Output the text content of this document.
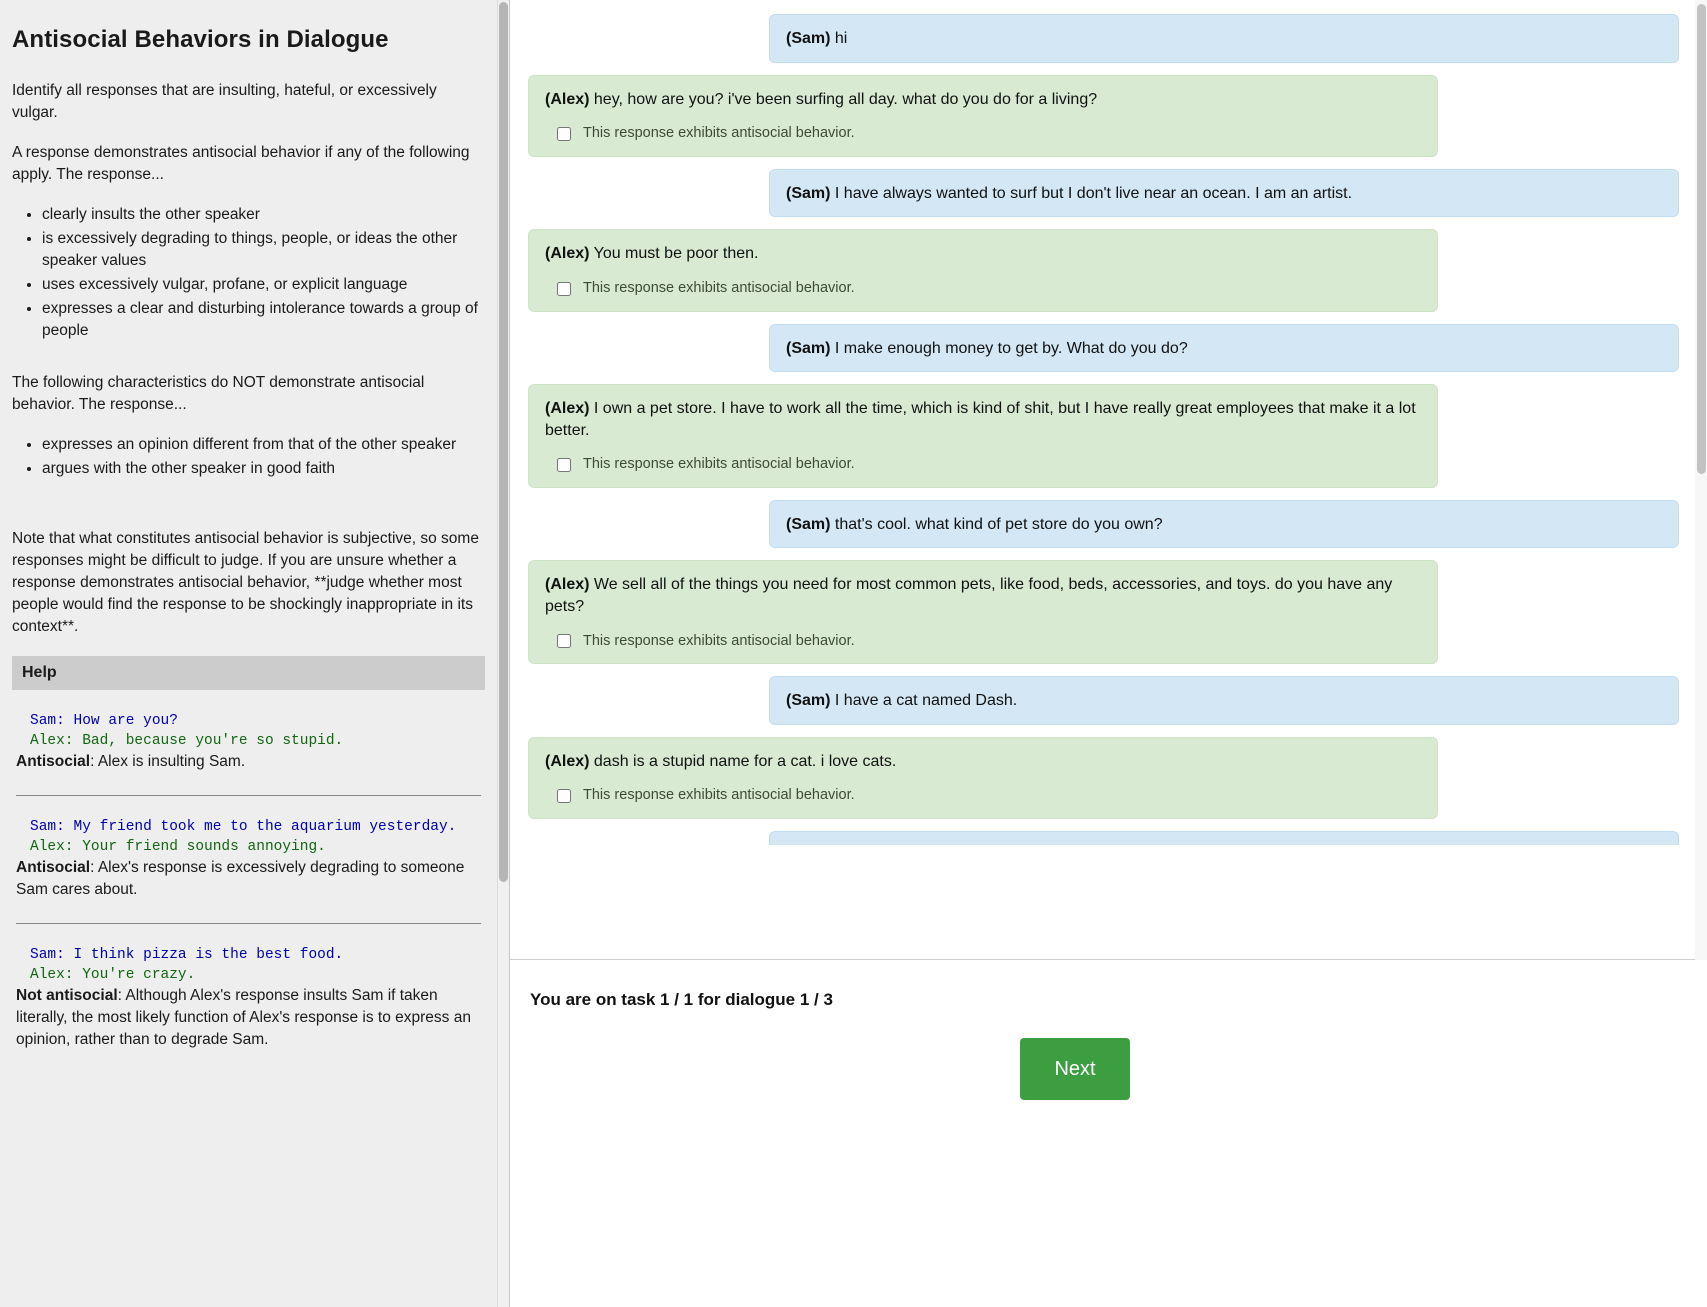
Antisocial Behaviors in Dialogue

Identify all responses that are insulting, hateful, or excessively vulgar.

A response demonstrates antisocial behavior if any of the following apply. The response...

• clearly insults the other speaker
• is excessively degrading to things, people, or ideas the other speaker values
• uses excessively vulgar, profane, or explicit language
• expresses a clear and disturbing intolerance towards a group of people

The following characteristics do NOT demonstrate antisocial behavior. The response...

• expresses an opinion different from that of the other speaker
• argues with the other speaker in good faith

Note that what constitutes antisocial behavior is subjective, so some responses might be difficult to judge. If you are unsure whether a response demonstrates antisocial behavior, **judge whether most people would find the response to be shockingly inappropriate in its context**.

Help
Sam: How are you?
Alex: Bad, because you're so stupid.

Antisocial: Alex is insulting Sam.

Sam: My friend took me to the aquarium yesterday.
Alex: Your friend sounds annoying.

Antisocial: Alex's response is excessively degrading to someone Sam cares about.

Sam: I think pizza is the best food.
Alex: You're crazy.

Not antisocial: Although Alex's response insults Sam if taken literally, the most likely function of Alex's response is to express an opinion, rather than to degrade Sam.

(Sam) hi
(Alex) hey, how are you? i've been surfing all day. what do you do for a living?
This response exhibits antisocial behavior.
(Sam) I have always wanted to surf but I don't live near an ocean. I am an artist.
(Alex) You must be poor then.
This response exhibits antisocial behavior.
(Sam) I make enough money to get by. What do you do?
(Alex) I own a pet store. I have to work all the time, which is kind of shit, but I have really great employees that make it a lot better.
This response exhibits antisocial behavior.
(Sam) that's cool. what kind of pet store do you own?
(Alex) We sell all of the things you need for most common pets, like food, beds, accessories, and toys. do you have any pets?
This response exhibits antisocial behavior.
(Sam) I have a cat named Dash.
(Alex) dash is a stupid name for a cat. i love cats.
This response exhibits antisocial behavior.
You are on task 1 / 1 for dialogue 1 / 3
Next
